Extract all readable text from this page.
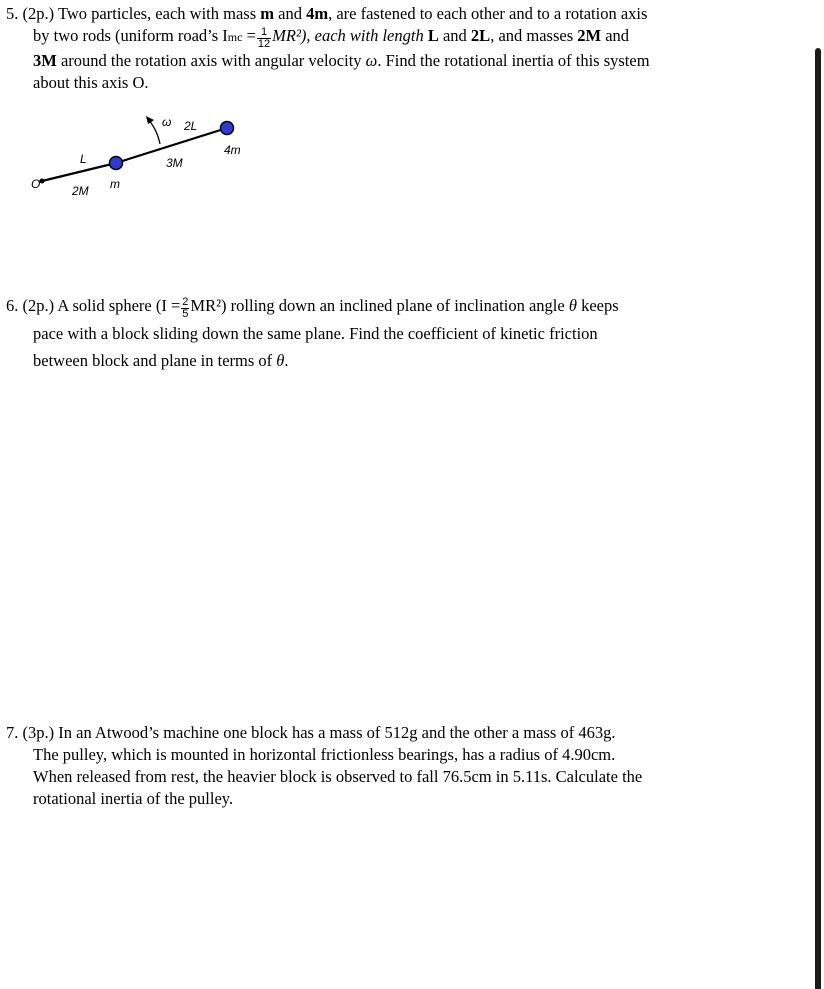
5. (2p.) Two particles, each with mass m and 4m, are fastened to each other and to a rotation axis
by two rods (uniform road’s Imc = $\frac{1}{12} MR^2$), each with length L and 2L, and masses 2M and
3M around the rotation axis with angular velocity ω. Find the rotational inertia of this system
about this axis O.
ω 2L
4m
L	3M
O	2M m
6. (2p.) A solid sphere $(I = \frac{2}{5} MR^2)$ rolling down an inclined plane of inclination angle θ keeps
pace with a block sliding down the same plane. Find the coefficient of kinetic friction
between block and plane in terms of θ.
7. (3p.) In an Atwood’s machine one block has a mass of 512g and the other a mass of 463g.
The pulley, which is mounted in horizontal frictionless bearings, has a radius of 4.90cm.
When released from rest, the heavier block is observed to fall 76.5cm in 5.11s. Calculate the
rotational inertia of the pulley.
